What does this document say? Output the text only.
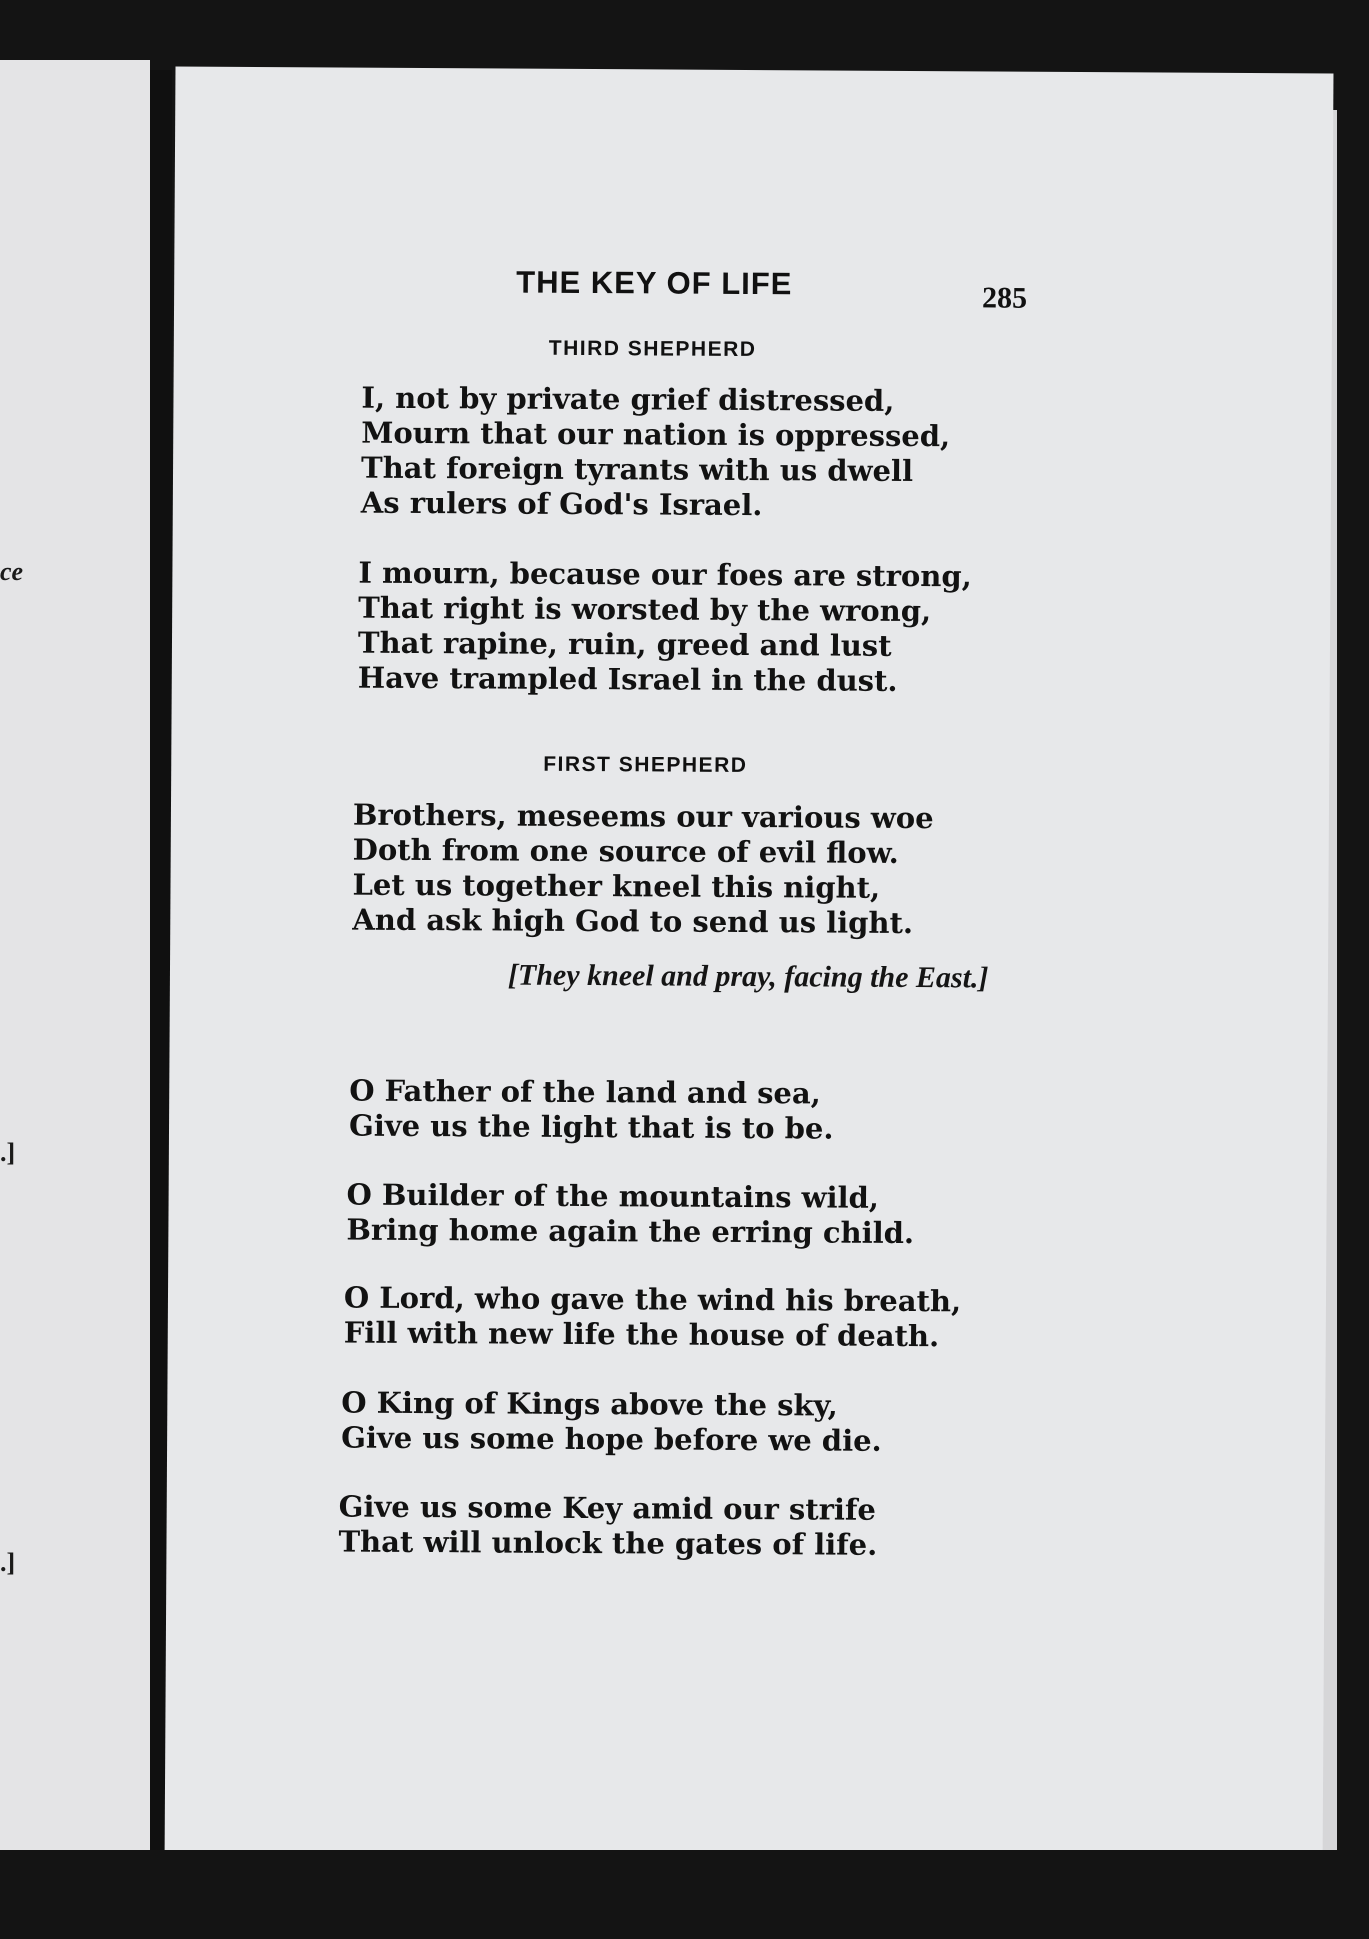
ce
.]
.]
THE KEY OF LIFE	285
THIRD SHEPHERD
I, not by private grief distressed,
Mourn that our nation is oppressed,
That foreign tyrants with us dwell
As rulers of God's Israel.
I mourn, because our foes are strong,
That right is worsted by the wrong,
That rapine, ruin, greed and lust
Have trampled Israel in the dust.
FIRST SHEPHERD
Brothers, meseems our various woe
Doth from one source of evil flow.
Let us together kneel this night,
And ask high God to send us light.
[They kneel and pray, facing the East.]
O Father of the land and sea,
Give us the light that is to be.
O Builder of the mountains wild,
Bring home again the erring child.
O Lord, who gave the wind his breath,
Fill with new life the house of death.
O King of Kings above the sky,
Give us some hope before we die.
Give us some Key amid our strife
That will unlock the gates of life.
